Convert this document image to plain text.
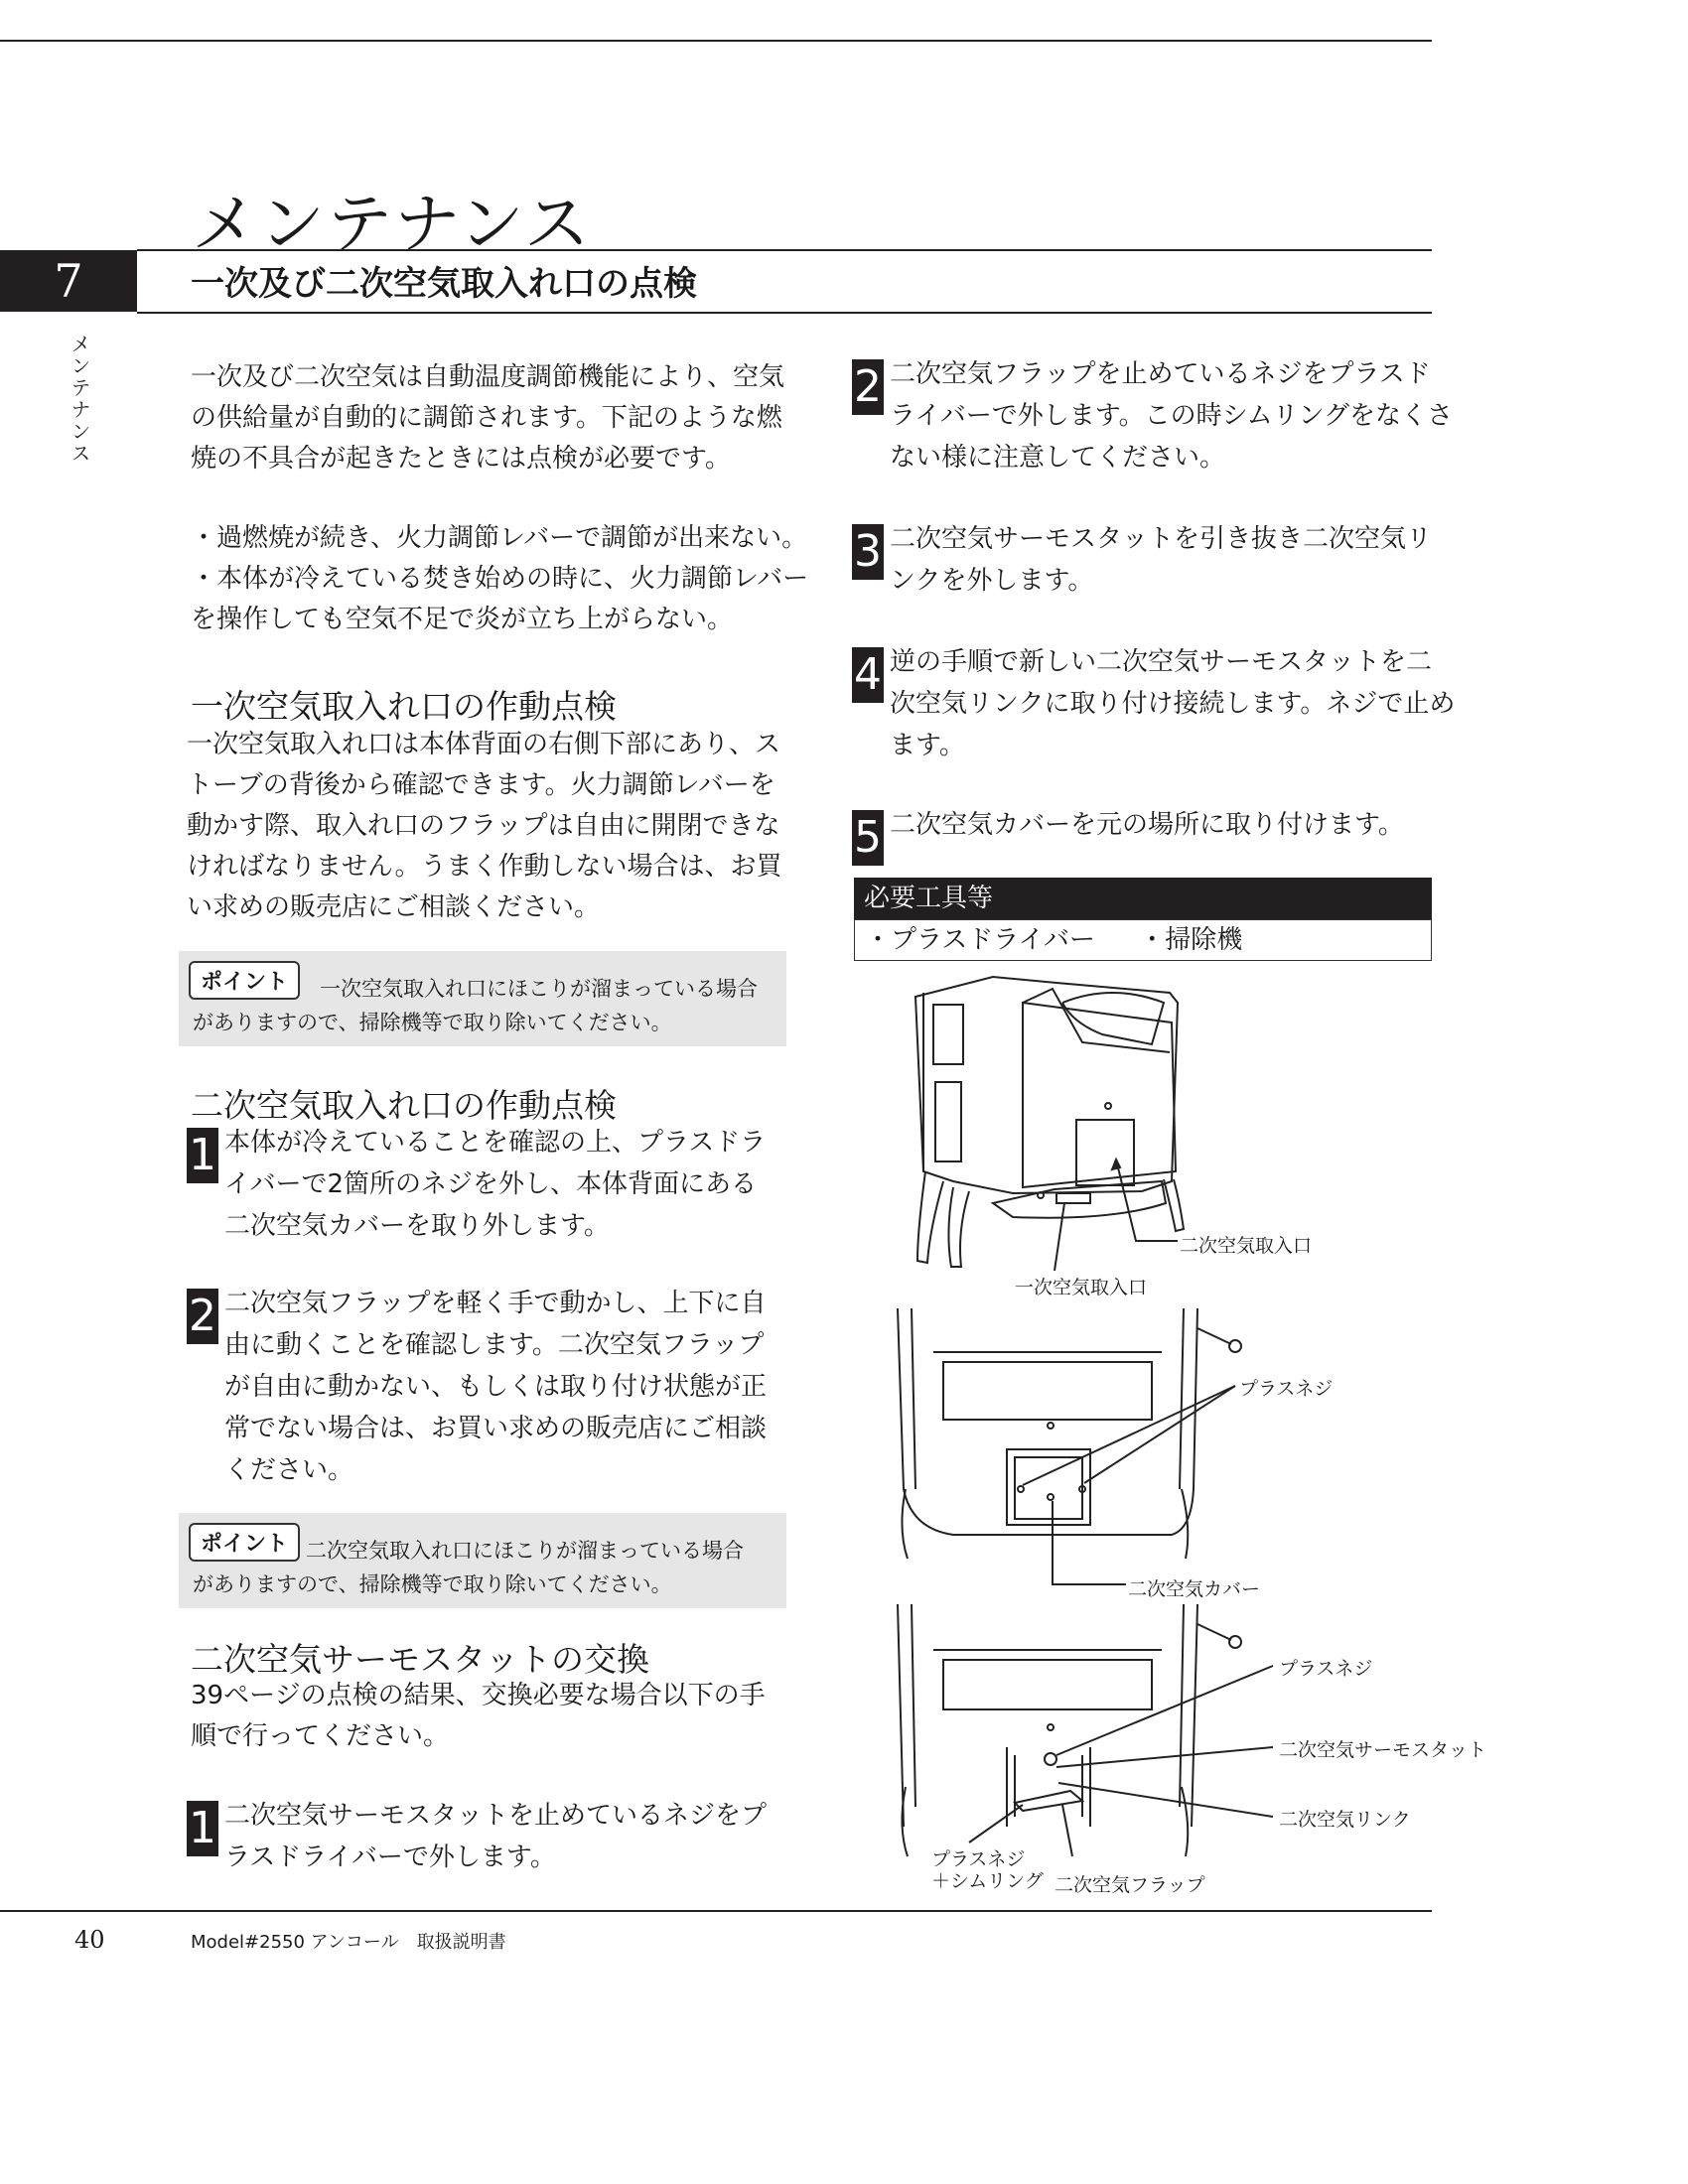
メンテナンス
7	一次及び二次空気取入れ口の点検
メンテナンス	一次及び二次空気は自動温度調節機能により、空気
の供給量が自動的に調節されます。下記のような燃
焼の不具合が起きたときには点検が必要です。
・過燃焼が続き、火力調節レバーで調節が出来ない。
・本体が冷えている焚き始めの時に、火力調節レバー
を操作しても空気不足で炎が立ち上がらない。
一次空気取入れ口の作動点検
一次空気取入れ口は本体背面の右側下部にあり、ス
トーブの背後から確認できます。火力調節レバーを
動かす際、取入れ口のフラップは自由に開閉できな
ければなりません。うまく作動しない場合は、お買
い求めの販売店にご相談ください。
ポイント	一次空気取入れ口にほこりが溜まっている場合
がありますので、掃除機等で取り除いてください。
二次空気取入れ口の作動点検
1 本体が冷えていることを確認の上、プラスドラ
イバーで2箇所のネジを外し、本体背面にある
二次空気カバーを取り外します。
2 二次空気フラップを軽く手で動かし、上下に自
由に動くことを確認します。二次空気フラップ
が自由に動かない、もしくは取り付け状態が正
常でない場合は、お買い求めの販売店にご相談
ください。
ポイント 二次空気取入れ口にほこりが溜まっている場合
がありますので、掃除機等で取り除いてください。
二次空気サーモスタットの交換
39ページの点検の結果、交換必要な場合以下の手
順で行ってください。
1 二次空気サーモスタットを止めているネジをプ
ラスドライバーで外します。
2 二次空気フラップを止めているネジをプラスド
ライバーで外します。この時シムリングをなくさ
ない様に注意してください。
3 二次空気サーモスタットを引き抜き二次空気リ
ンクを外します。
4 逆の手順で新しい二次空気サーモスタットを二
次空気リンクに取り付け接続します。ネジで止め
ます。
5 二次空気カバーを元の場所に取り付けます。
必要工具等
・プラスドライバー ・掃除機
二次空気取入口
一次空気取入口
プラスネジ
二次空気カバー
プラスネジ
二次空気サーモスタット
二次空気リンク
プラスネジ
＋シムリング 二次空気フラップ
40	Model#2550 アンコール　取扱説明書
